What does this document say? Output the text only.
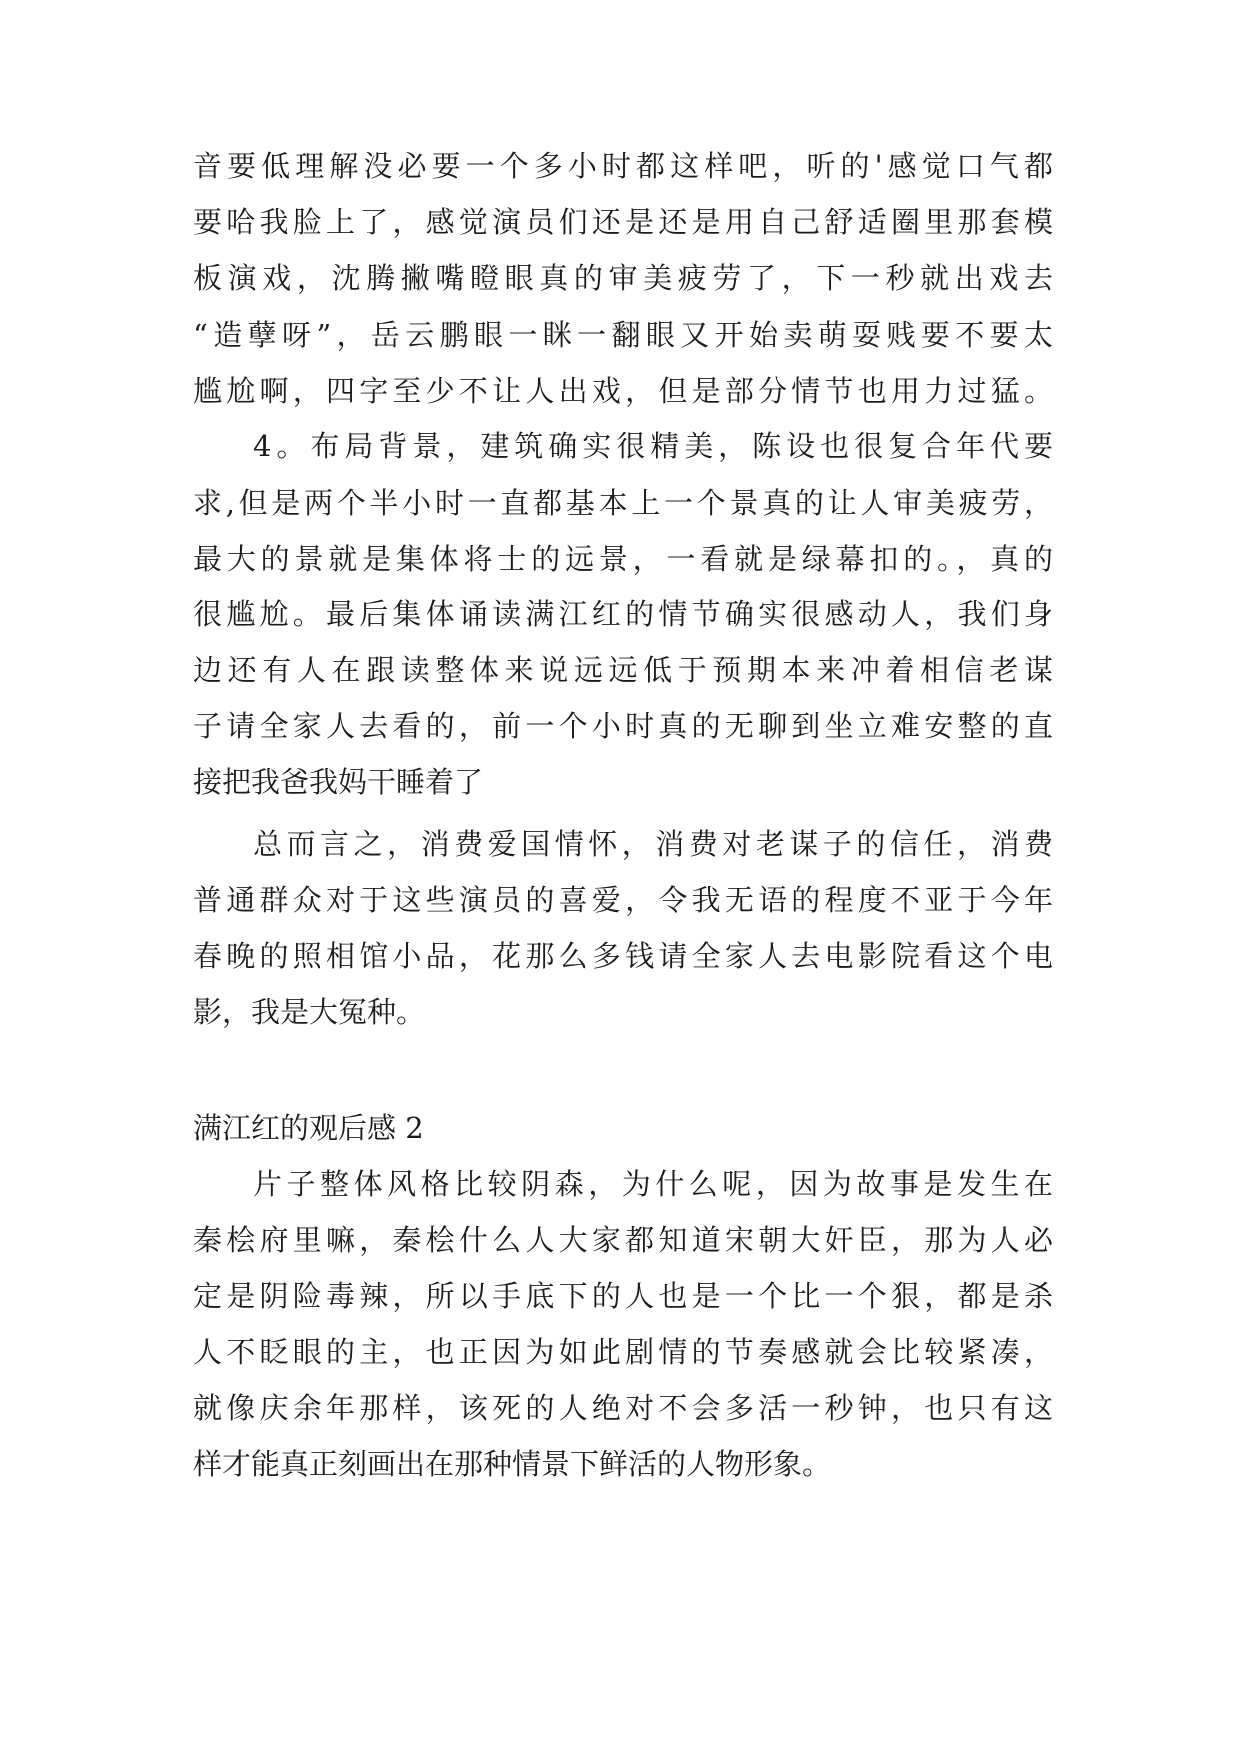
音要低理解没必要一个多小时都这样吧，听的'感觉口气都
要哈我脸上了，感觉演员们还是还是用自己舒适圈里那套模
板演戏，沈腾撇嘴瞪眼真的审美疲劳了，下一秒就出戏去
“造孽呀”，岳云鹏眼一眯一翻眼又开始卖萌耍贱要不要太
尴尬啊，四字至少不让人出戏，但是部分情节也用力过猛。
4。布局背景，建筑确实很精美，陈设也很复合年代要
求,但是两个半小时一直都基本上一个景真的让人审美疲劳，
最大的景就是集体将士的远景，一看就是绿幕扣的。，真的
很尴尬。最后集体诵读满江红的情节确实很感动人，我们身
边还有人在跟读整体来说远远低于预期本来冲着相信老谋
子请全家人去看的，前一个小时真的无聊到坐立难安整的直
接把我爸我妈干睡着了
总而言之，消费爱国情怀，消费对老谋子的信任，消费
普通群众对于这些演员的喜爱，令我无语的程度不亚于今年
春晚的照相馆小品，花那么多钱请全家人去电影院看这个电
影，我是大冤种。
满江红的观后感 2
片子整体风格比较阴森，为什么呢，因为故事是发生在
秦桧府里嘛，秦桧什么人大家都知道宋朝大奸臣，那为人必
定是阴险毒辣，所以手底下的人也是一个比一个狠，都是杀
人不眨眼的主，也正因为如此剧情的节奏感就会比较紧凑，
就像庆余年那样，该死的人绝对不会多活一秒钟，也只有这
样才能真正刻画出在那种情景下鲜活的人物形象。
